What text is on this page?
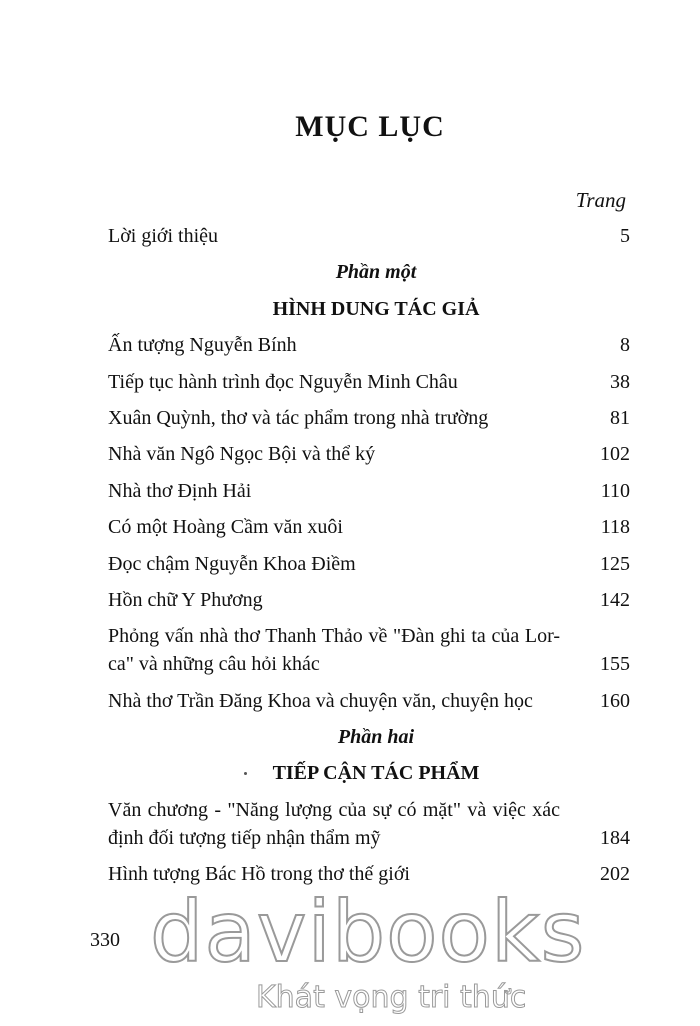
MỤC LỤC
Trang
Lời giới thiệu	5
Phần một
HÌNH DUNG TÁC GIẢ
Ấn tượng Nguyễn Bính	8
Tiếp tục hành trình đọc Nguyễn Minh Châu	38
Xuân Quỳnh, thơ và tác phẩm trong nhà trường	81
Nhà văn Ngô Ngọc Bội và thể ký	102
Nhà thơ Định Hải	110
Có một Hoàng Cầm văn xuôi	118
Đọc chậm Nguyễn Khoa Điềm	125
Hồn chữ Y Phương	142
Phỏng vấn nhà thơ Thanh Thảo về "Đàn ghi ta của Lor-ca" và những câu hỏi khác	155
Nhà thơ Trần Đăng Khoa và chuyện văn, chuyện học	160
Phần hai
TIẾP CẬN TÁC PHẨM
Văn chương - "Năng lượng của sự có mặt" và việc xác định đối tượng tiếp nhận thẩm mỹ	184
Hình tượng Bác Hồ trong thơ thế giới	202
330 davibooks
Khát vọng tri thức
